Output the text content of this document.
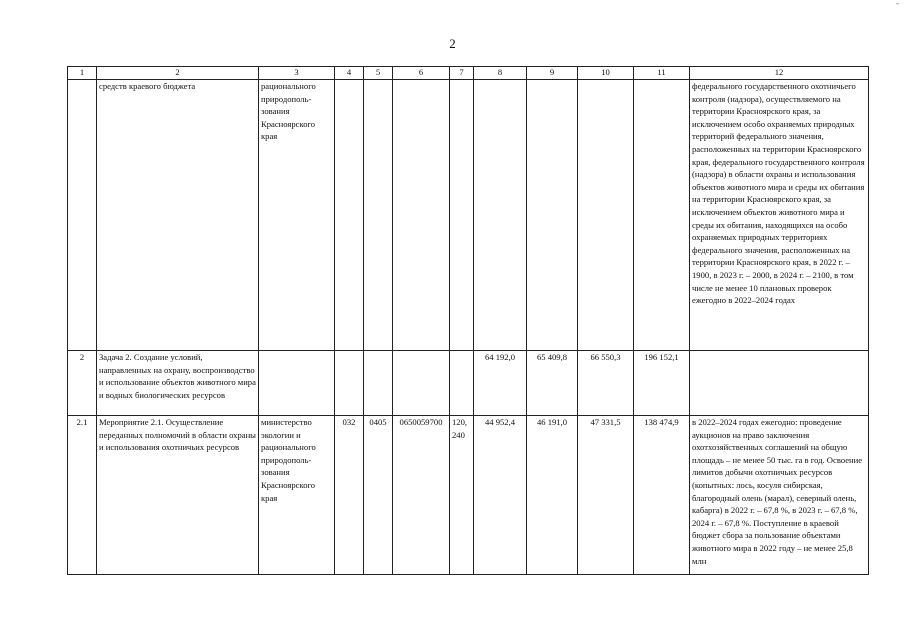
-
2
1	2	3	4	5	6	7	8	9	10	11	12
	средств краевого бюджета	рационального природополь-зования Красноярского края									федерального государственного охотничьего контроля (надзора), осуществляемого на территории Красноярского края, за исключением особо охраняемых природных территорий федерального значения, расположенных на территории Красноярского края, федерального государственного контроля (надзора) в области охраны и использования объектов животного мира и среды их обитания на территории Красноярского края, за исключением объектов животного мира и среды их обитания, находящихся на особо охраняемых природных территориях федерального значения, расположенных на территории Красноярского края, в 2022 г. – 1900, в 2023 г. – 2000, в 2024 г. – 2100, в том числе не менее 10 плановых проверок ежегодно в 2022–2024 годах
2	Задача 2. Создание условий, направленных на охрану, воспроизводство и использование объектов животного мира и водных биологических ресурсов						64 192,0	65 409,8	66 550,3	196 152,1	
2.1	Мероприятие 2.1. Осуществление переданных полномочий в области охраны и использования охотничьих ресурсов	министерство экологии и рационального природополь-зования Красноярского края	032	0405	0650059700	120, 240	44 952,4	46 191,0	47 331,5	138 474,9	в 2022–2024 годах ежегодно: проведение аукционов на право заключения охотхозяйственных соглашений на общую площадь – не менее 50 тыс. га в год. Освоение лимитов добычи охотничьих ресурсов (копытных: лось, косуля сибирская, благородный олень (марал), северный олень, кабарга) в 2022 г. – 67,8 %, в 2023 г. – 67,8 %, 2024 г. – 67,8 %. Поступление в краевой бюджет сбора за пользование объектами животного мира в 2022 году – не менее 25,8 млн
